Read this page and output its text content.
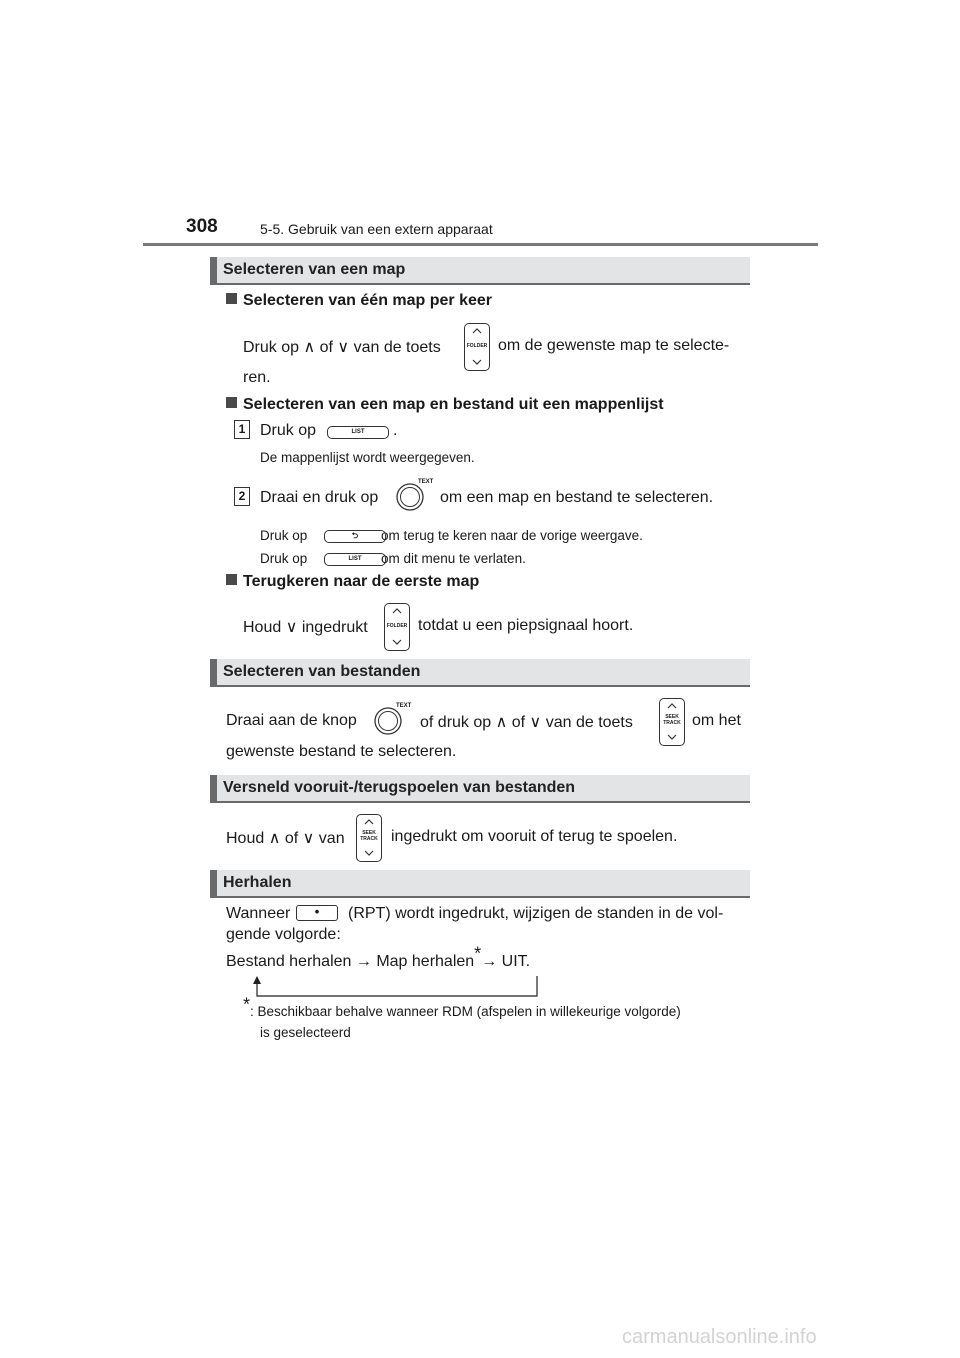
308	5-5. Gebruik van een extern apparaat
Selecteren van een map
Selecteren van één map per keer
Druk op ∧ of ∨ van de toets	FOLDER om de gewenste map te selecte-
ren.
Selecteren van een map en bestand uit een mappenlijst
1 Druk op	LIST	.
De mappenlijst wordt weergegeven.
2 Draai en druk op
TEXT
om een map en bestand te selecteren.
Druk op	⮌	om terug te keren naar de vorige weergave.
Druk op	LIST	om dit menu te verlaten.
Terugkeren naar de eerste map
Houd ∨ ingedrukt	FOLDER totdat u een piepsignaal hoort.
Selecteren van bestanden
Draai aan de knop
TEXT
of druk op ∧ of ∨ van de toets	SEEK
TRACK om het
gewenste bestand te selecteren.
Versneld vooruit-/terugspoelen van bestanden
Houd ∧ of ∨ van	SEEK
TRACK ingedrukt om vooruit of terug te spoelen.
Herhalen
Wanneer	•	(RPT) wordt ingedrukt, wijzigen de standen in de vol-
gende volgorde:
Bestand herhalen → Map herhalen*→ UIT.
*: Beschikbaar behalve wanneer RDM (afspelen in willekeurige volgorde)
is geselecteerd
carmanualsonline.info
